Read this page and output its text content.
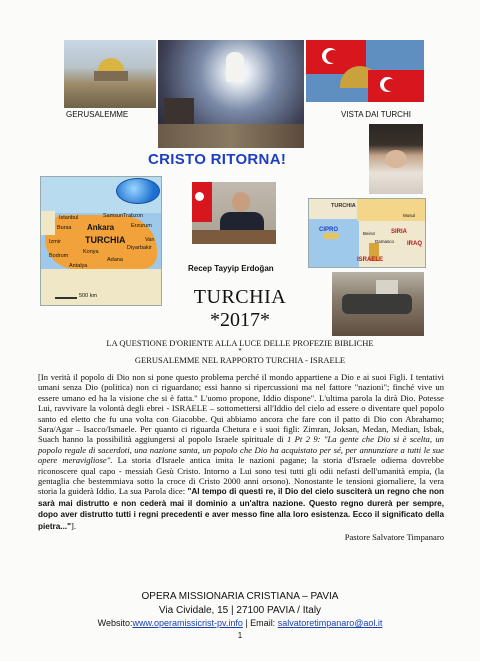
GERUSALEMME	VISTA DAI TURCHI
CRISTO RITORNA!
TURCHIA
Ankara
Istanbul
Bursa
Izmir
Konya
Adana
Erzurum
Bodrum
Antalya
Diyarbakir
Van
Trabzon
Samsun
500 km
Recep Tayyip Erdoğan
TURCHIA
SIRIA
IRAQ
CIPRO
Beirut
Damasco
ISRAELE
Mosul
TURCHIA
*2017*
LA QUESTIONE D'ORIENTE ALLA LUCE DELLE PROFEZIE BIBLICHE
*
GERUSALEMME NEL RAPPORTO TURCHIA - ISRAELE
[In verità il popolo di Dio non si pone questo problema perché il mondo appartiene a Dio e ai suoi Figli. I tentativi umani senza Dio (politica) non ci riguardano; essi hanno si ripercussioni ma nel fattore "nazioni"; finché vive un essere umano ed ha la visione che si è fatta." L'uomo propone, Iddio dispone". L'ultima parola la dirà Dio. Potesse Lui, ravvivare la volontà degli ebrei - ISRAELE – sottomettersi all'Iddio del cielo ad essere o diventare quel popolo santo ed eletto che fu una volta con Giacobbe. Qui abbiamo ancora che fare con il patto di Dio con Abrahamo; Sara/Agar – Isacco/Ismaele. Per quanto ci riguarda Chetura e i suoi figli: Zimran, Joksan, Medan, Median, Isbak, Suach hanno la possibilità aggiungersi al popolo Israele spirituale di 1 Pt 2 9: "La gente che Dio si è scelta, un popolo regale di sacerdoti, una nazione santa, un popolo che Dio ha acquistato per sé, per annunziare a tutti le sue opere meravigliose". La storia d'Israele antica imita le nazioni pagane; la storia d'Israele odierna dovrebbe riconoscere qual capo - messiah Gesù Cristo. Intorno a Lui sono tesi tutti gli odii nefasti dell'umanità empia, (la gentaglia che bestemmiava sotto la croce di Cristo 2000 anni orsono). Nonostante le tensioni giornaliere, la vera storia la guiderà Iddio. La sua Parola dice: "Al tempo di questi re, il Dio del cielo susciterà un regno che non sarà mai distrutto e non cederà mai il dominio a un'altra nazione. Questo regno durerà per sempre, dopo aver distrutto tutti i regni precedenti e aver messo fine alla loro esistenza. Ecco il significato della pietra..."].
Pastore Salvatore Timpanaro
OPERA MISSIONARIA CRISTIANA – PAVIA
Via Cividale, 15 | 27100 PAVIA / Italy
Websito:www.operamissicrist-pv.info | Email: salvatoretimpanaro@aol.it
1
